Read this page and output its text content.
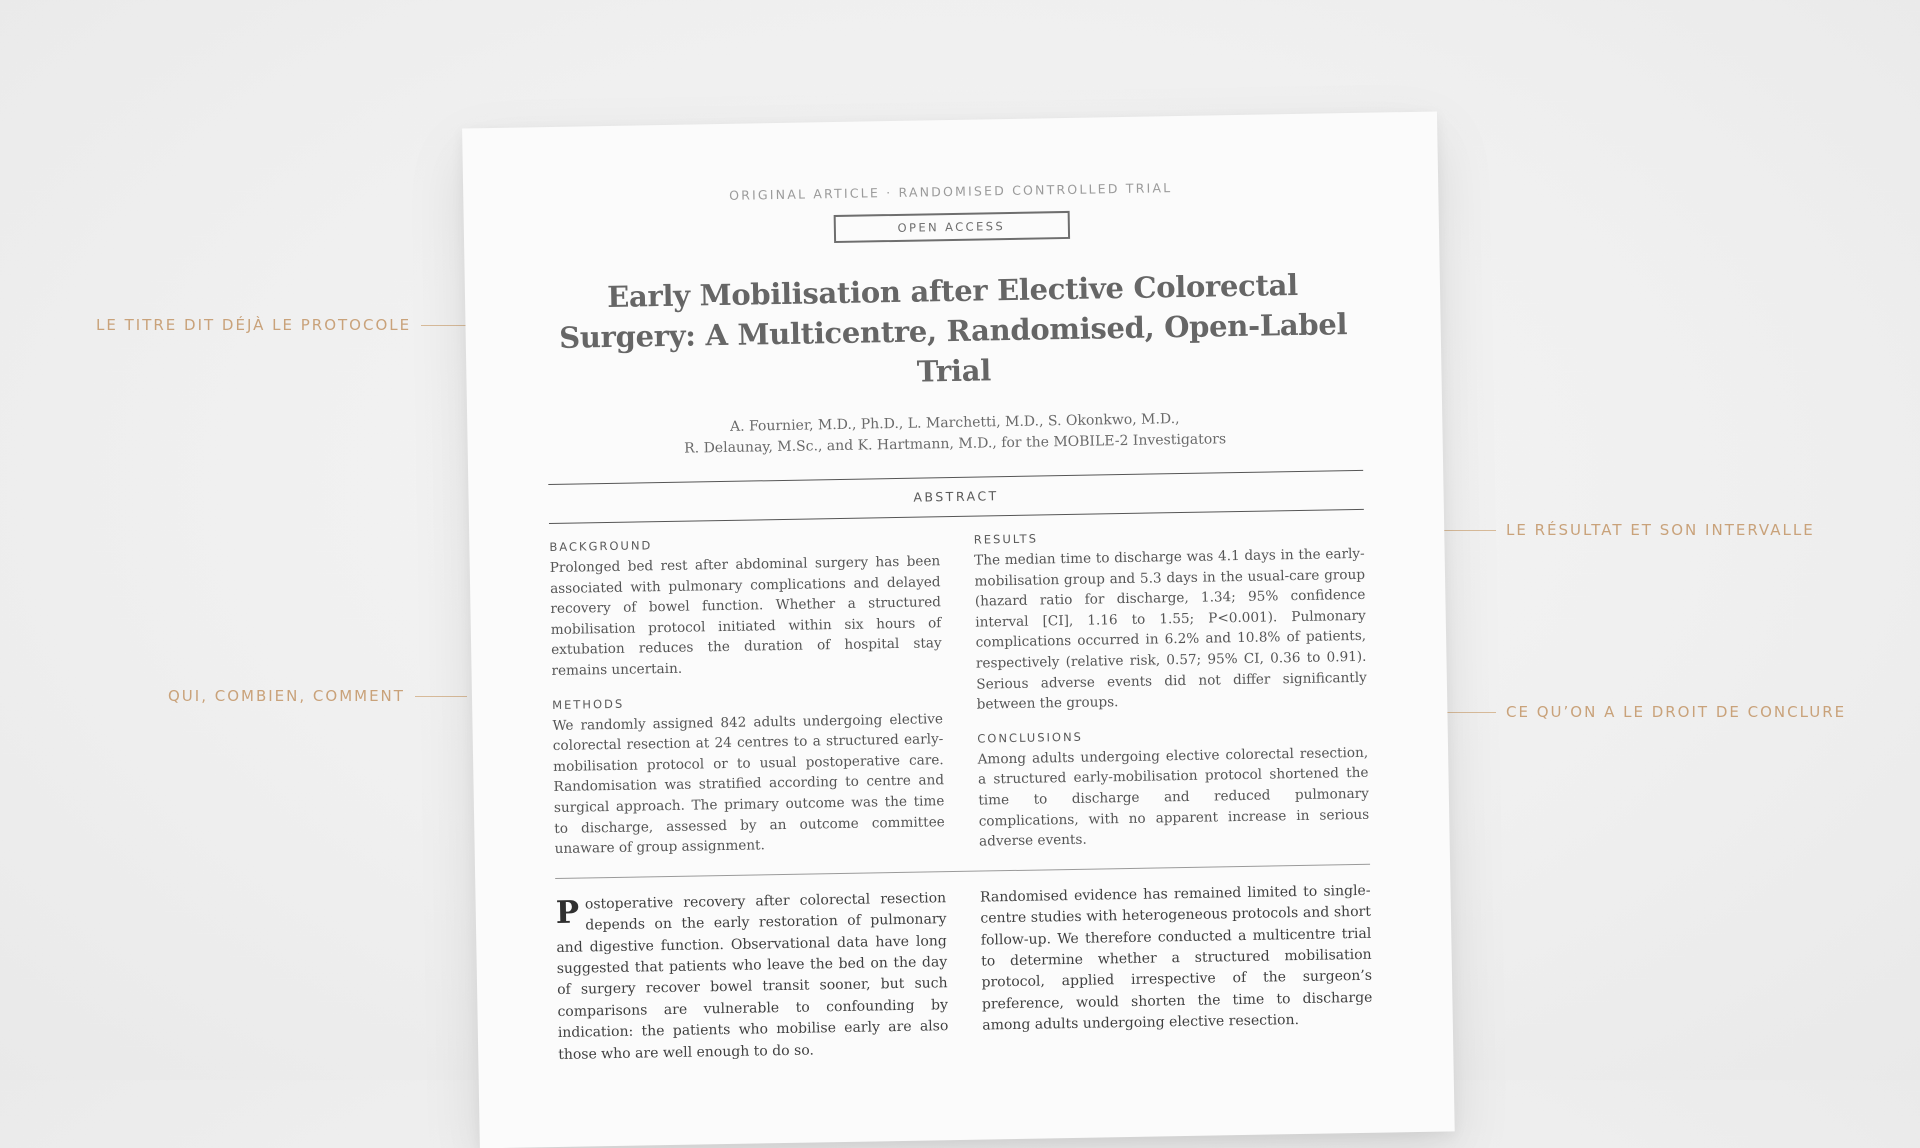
LE TITRE DIT DÉJÀ LE PROTOCOLE
QUI, COMBIEN, COMMENT
LE RÉSULTAT ET SON INTERVALLE
CE QU’ON A LE DROIT DE CONCLURE
ORIGINAL ARTICLE · RANDOMISED CONTROLLED TRIAL
OPEN ACCESS
Early Mobilisation after Elective Colorectal Surgery: A Multicentre, Randomised, Open-Label Trial
A. Fournier, M.D., Ph.D., L. Marchetti, M.D., S. Okonkwo, M.D.,
R. Delaunay, M.Sc., and K. Hartmann, M.D., for the MOBILE-2 Investigators
ABSTRACT
BACKGROUND

Prolonged bed rest after abdominal surgery has been associated with pulmonary complications and delayed recovery of bowel function. Whether a structured mobilisation protocol initiated within six hours of extubation reduces the duration of hospital stay remains uncertain.

METHODS

We randomly assigned 842 adults undergoing elective colorectal resection at 24 centres to a structured early-mobilisation protocol or to usual postoperative care. Randomisation was stratified according to centre and surgical approach. The primary outcome was the time to discharge, assessed by an outcome committee unaware of group assignment.

RESULTS

The median time to discharge was 4.1 days in the early-mobilisation group and 5.3 days in the usual-care group (hazard ratio for discharge, 1.34; 95% confidence interval [CI], 1.16 to 1.55; P<0.001). Pulmonary complications occurred in 6.2% and 10.8% of patients, respectively (relative risk, 0.57; 95% CI, 0.36 to 0.91). Serious adverse events did not differ significantly between the groups.

CONCLUSIONS

Among adults undergoing elective colorectal resection, a structured early-mobilisation protocol shortened the time to discharge and reduced pulmonary complications, with no apparent increase in serious adverse events.

Postoperative recovery after colorectal resection depends on the early restoration of pulmonary and digestive function. Observational data have long suggested that patients who leave the bed on the day of surgery recover bowel transit sooner, but such comparisons are vulnerable to confounding by indication: the patients who mobilise early are also those who are well enough to do so.

Randomised evidence has remained limited to single-centre studies with heterogeneous protocols and short follow-up. We therefore conducted a multicentre trial to determine whether a structured mobilisation protocol, applied irrespective of the surgeon’s preference, would shorten the time to discharge among adults undergoing elective resection.
